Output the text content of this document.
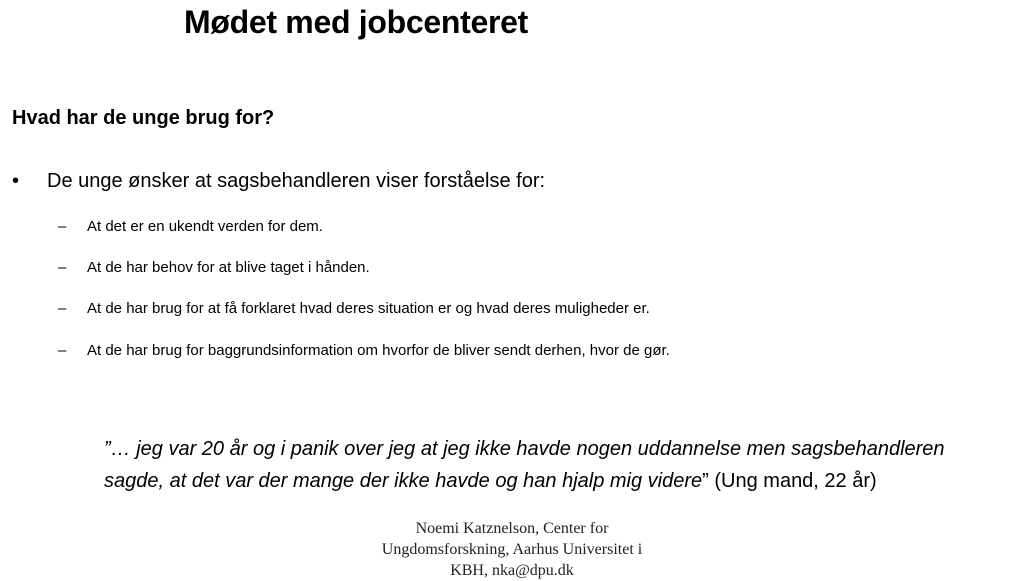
Mødet med jobcenteret
Hvad har de unge brug for?
• De unge ønsker at sagsbehandleren viser forståelse for:
– At det er en ukendt verden for dem.
– At de har behov for at blive taget i hånden.
– At de har brug for at få forklaret hvad deres situation er og hvad deres muligheder er.
– At de har brug for baggrundsinformation om hvorfor de bliver sendt derhen, hvor de gør.
”… jeg var 20 år og i panik over jeg at jeg ikke havde nogen uddannelse men sagsbehandleren sagde, at det var der mange der ikke havde og han hjalp mig videre” (Ung mand, 22 år)
Noemi Katznelson, Center for
Ungdomsforskning, Aarhus Universitet i
KBH, nka@dpu.dk
